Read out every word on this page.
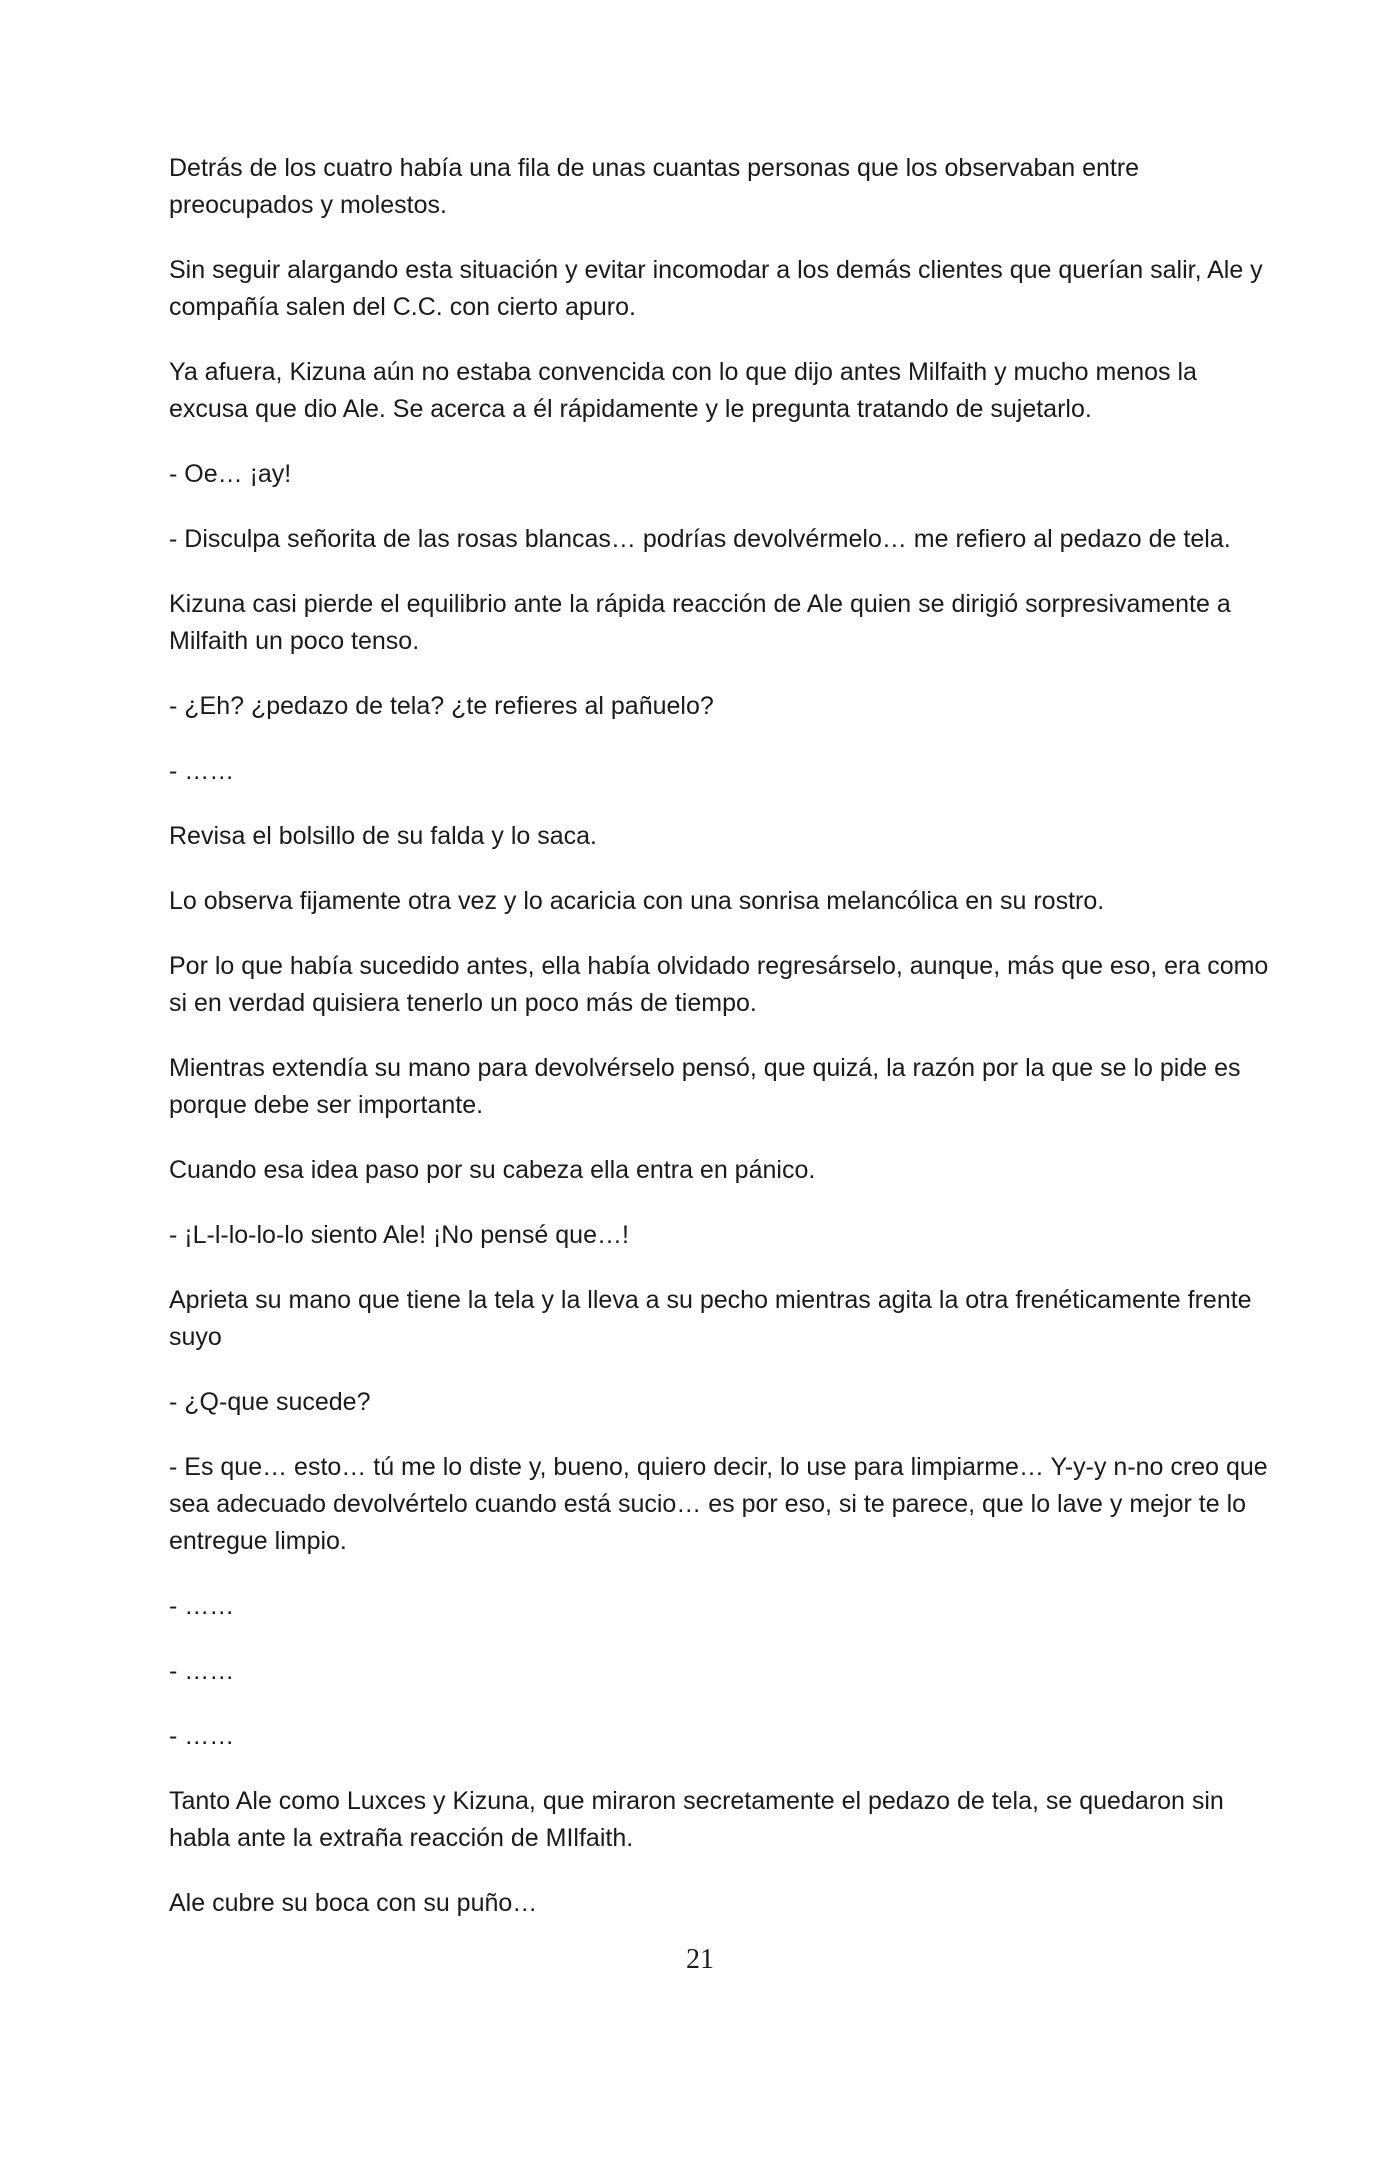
Detrás de los cuatro había una fila de unas cuantas personas que los observaban entre preocupados y molestos.

Sin seguir alargando esta situación y evitar incomodar a los demás clientes que querían salir, Ale y compañía salen del C.C. con cierto apuro.

Ya afuera, Kizuna aún no estaba convencida con lo que dijo antes Milfaith y mucho menos la excusa que dio Ale. Se acerca a él rápidamente y le pregunta tratando de sujetarlo.

- Oe… ¡ay!

- Disculpa señorita de las rosas blancas… podrías devolvérmelo… me refiero al pedazo de tela.

Kizuna casi pierde el equilibrio ante la rápida reacción de Ale quien se dirigió sorpresivamente a Milfaith un poco tenso.

- ¿Eh? ¿pedazo de tela? ¿te refieres al pañuelo?

- ……

Revisa el bolsillo de su falda y lo saca.

Lo observa fijamente otra vez y lo acaricia con una sonrisa melancólica en su rostro.

Por lo que había sucedido antes, ella había olvidado regresárselo, aunque, más que eso, era como si en verdad quisiera tenerlo un poco más de tiempo.

Mientras extendía su mano para devolvérselo pensó, que quizá, la razón por la que se lo pide es porque debe ser importante.

Cuando esa idea paso por su cabeza ella entra en pánico.

- ¡L-l-lo-lo-lo siento Ale! ¡No pensé que…!

Aprieta su mano que tiene la tela y la lleva a su pecho mientras agita la otra frenéticamente frente suyo

- ¿Q-que sucede?

- Es que… esto… tú me lo diste y, bueno, quiero decir, lo use para limpiarme… Y-y-y n-no creo que sea adecuado devolvértelo cuando está sucio… es por eso, si te parece, que lo lave y mejor te lo entregue limpio.

- ……

- ……

- ……

Tanto Ale como Luxces y Kizuna, que miraron secretamente el pedazo de tela, se quedaron sin habla ante la extraña reacción de MIlfaith.

Ale cubre su boca con su puño…

21
